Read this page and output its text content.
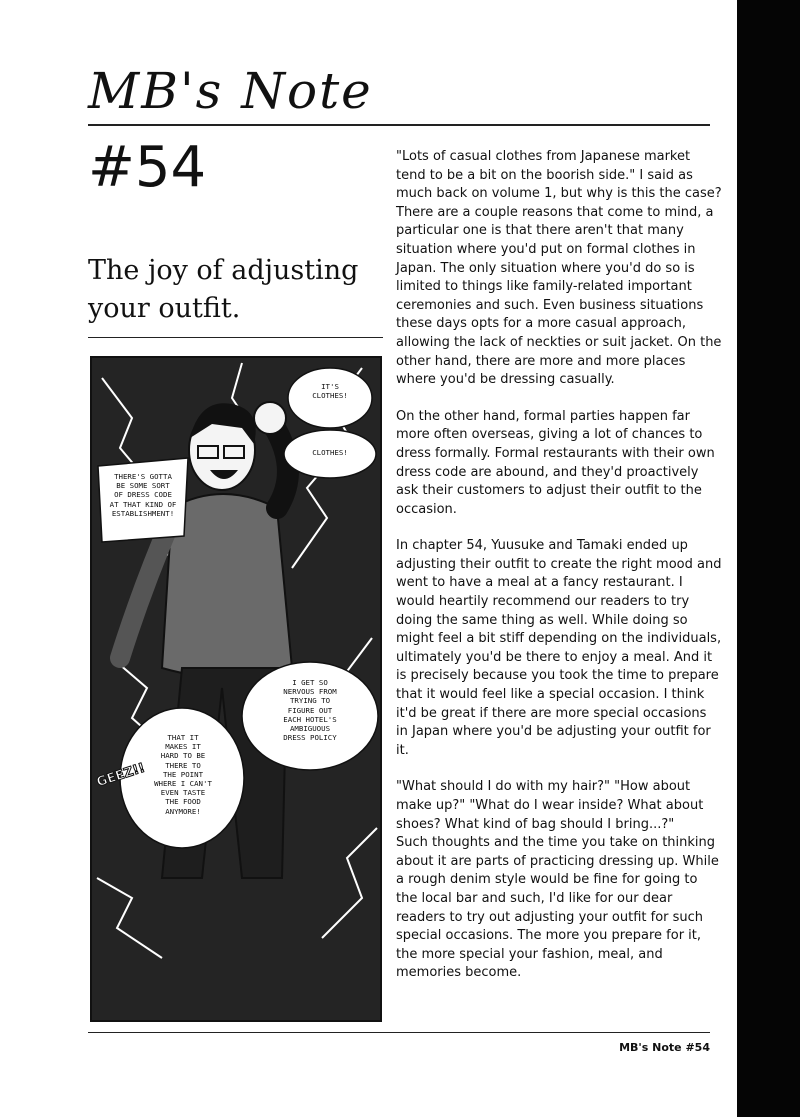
MB's Note
#54
The joy of adjusting your outfit.

"Lots of casual clothes from Japanese market tend to be a bit on the boorish side." I said as much back on volume 1, but why is this the case? There are a couple reasons that come to mind, a particular one is that there aren't that many situation where you'd put on formal clothes in Japan. The only situation where you'd do so is limited to things like family-related important ceremonies and such. Even business situations these days opts for a more casual approach, allowing the lack of neckties or suit jacket. On the other hand, there are more and more places where you'd be dressing casually.

On the other hand, formal parties happen far more often overseas, giving a lot of chances to dress formally. Formal restaurants with their own dress code are abound, and they'd proactively ask their customers to adjust their outfit to the occasion.

In chapter 54, Yuusuke and Tamaki ended up adjusting their outfit to create the right mood and went to have a meal at a fancy restaurant. I would heartily recommend our readers to try doing the same thing as well. While doing so might feel a bit stiff depending on the individuals, ultimately you'd be there to enjoy a meal. And it is precisely because you took the time to prepare that it would feel like a special occasion. I think it'd be great if there are more special occasions in Japan where you'd be adjusting your outfit for it.

"What should I do with my hair?" "How about make up?" "What do I wear inside? What about shoes? What kind of bag should I bring...?"
Such thoughts and the time you take on thinking about it are parts of practicing dressing up. While a rough denim style would be fine for going to the local bar and such, I'd like for our dear readers to try out adjusting your outfit for such special occasions. The more you prepare for it, the more special your fashion, meal, and memories become.

IT'S
CLOTHES!
CLOTHES!
THERE'S GOTTA
BE SOME SORT
OF DRESS CODE
AT THAT KIND OF
ESTABLISHMENT!
I GET SO
NERVOUS FROM
TRYING TO
FIGURE OUT
EACH HOTEL'S
AMBIGUOUS
DRESS POLICY
THAT IT
MAKES IT
HARD TO BE
THERE TO
THE POINT
WHERE I CAN'T
EVEN TASTE
THE FOOD
ANYMORE!
GEEZ!!
MB's Note #54
